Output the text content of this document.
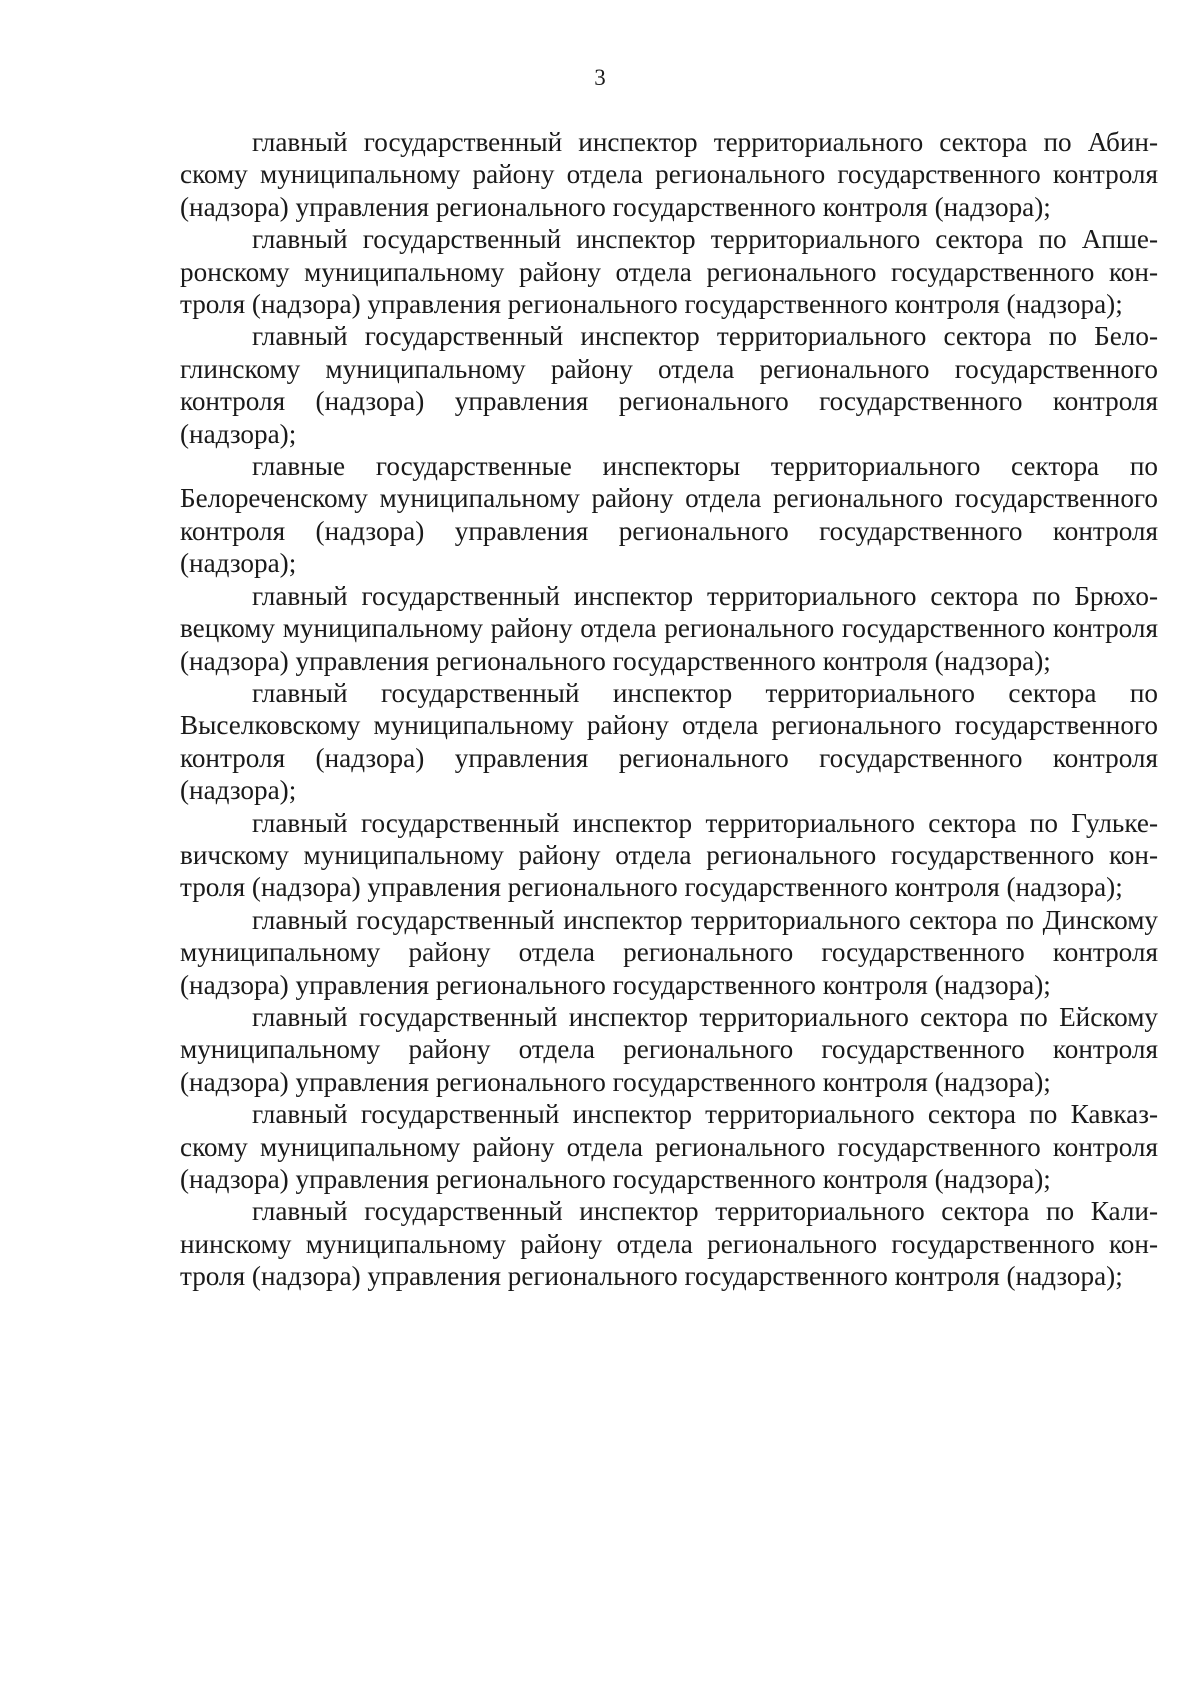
3

главный государственный инспектор территориального сектора по Абинскому муниципальному району отдела регионального государственного контроля (надзора) управления регионального государственного контроля (надзора);

главный государственный инспектор территориального сектора по Апшеронскому муниципальному району отдела регионального государственного контроля (надзора) управления регионального государственного контроля (надзора);

главный государственный инспектор территориального сектора по Белоглинскому муниципальному району отдела регионального государственного контроля (надзора) управления регионального государственного контроля (надзора);

главные государственные инспекторы территориального сектора по Белореченскому муниципальному району отдела регионального государственного контроля (надзора) управления регионального государственного контроля (надзора);

главный государственный инспектор территориального сектора по Брюховецкому муниципальному району отдела регионального государственного контроля (надзора) управления регионального государственного контроля (надзора);

главный государственный инспектор территориального сектора по Выселковскому муниципальному району отдела регионального государственного контроля (надзора) управления регионального государственного контроля (надзора);

главный государственный инспектор территориального сектора по Гулькевичскому муниципальному району отдела регионального государственного контроля (надзора) управления регионального государственного контроля (надзора);

главный государственный инспектор территориального сектора по Динскому муниципальному району отдела регионального государственного контроля (надзора) управления регионального государственного контроля (надзора);

главный государственный инспектор территориального сектора по Ейскому муниципальному району отдела регионального государственного контроля (надзора) управления регионального государственного контроля (надзора);

главный государственный инспектор территориального сектора по Кавказскому муниципальному району отдела регионального государственного контроля (надзора) управления регионального государственного контроля (надзора);

главный государственный инспектор территориального сектора по Калининскому муниципальному району отдела регионального государственного контроля (надзора) управления регионального государственного контроля (надзора);
